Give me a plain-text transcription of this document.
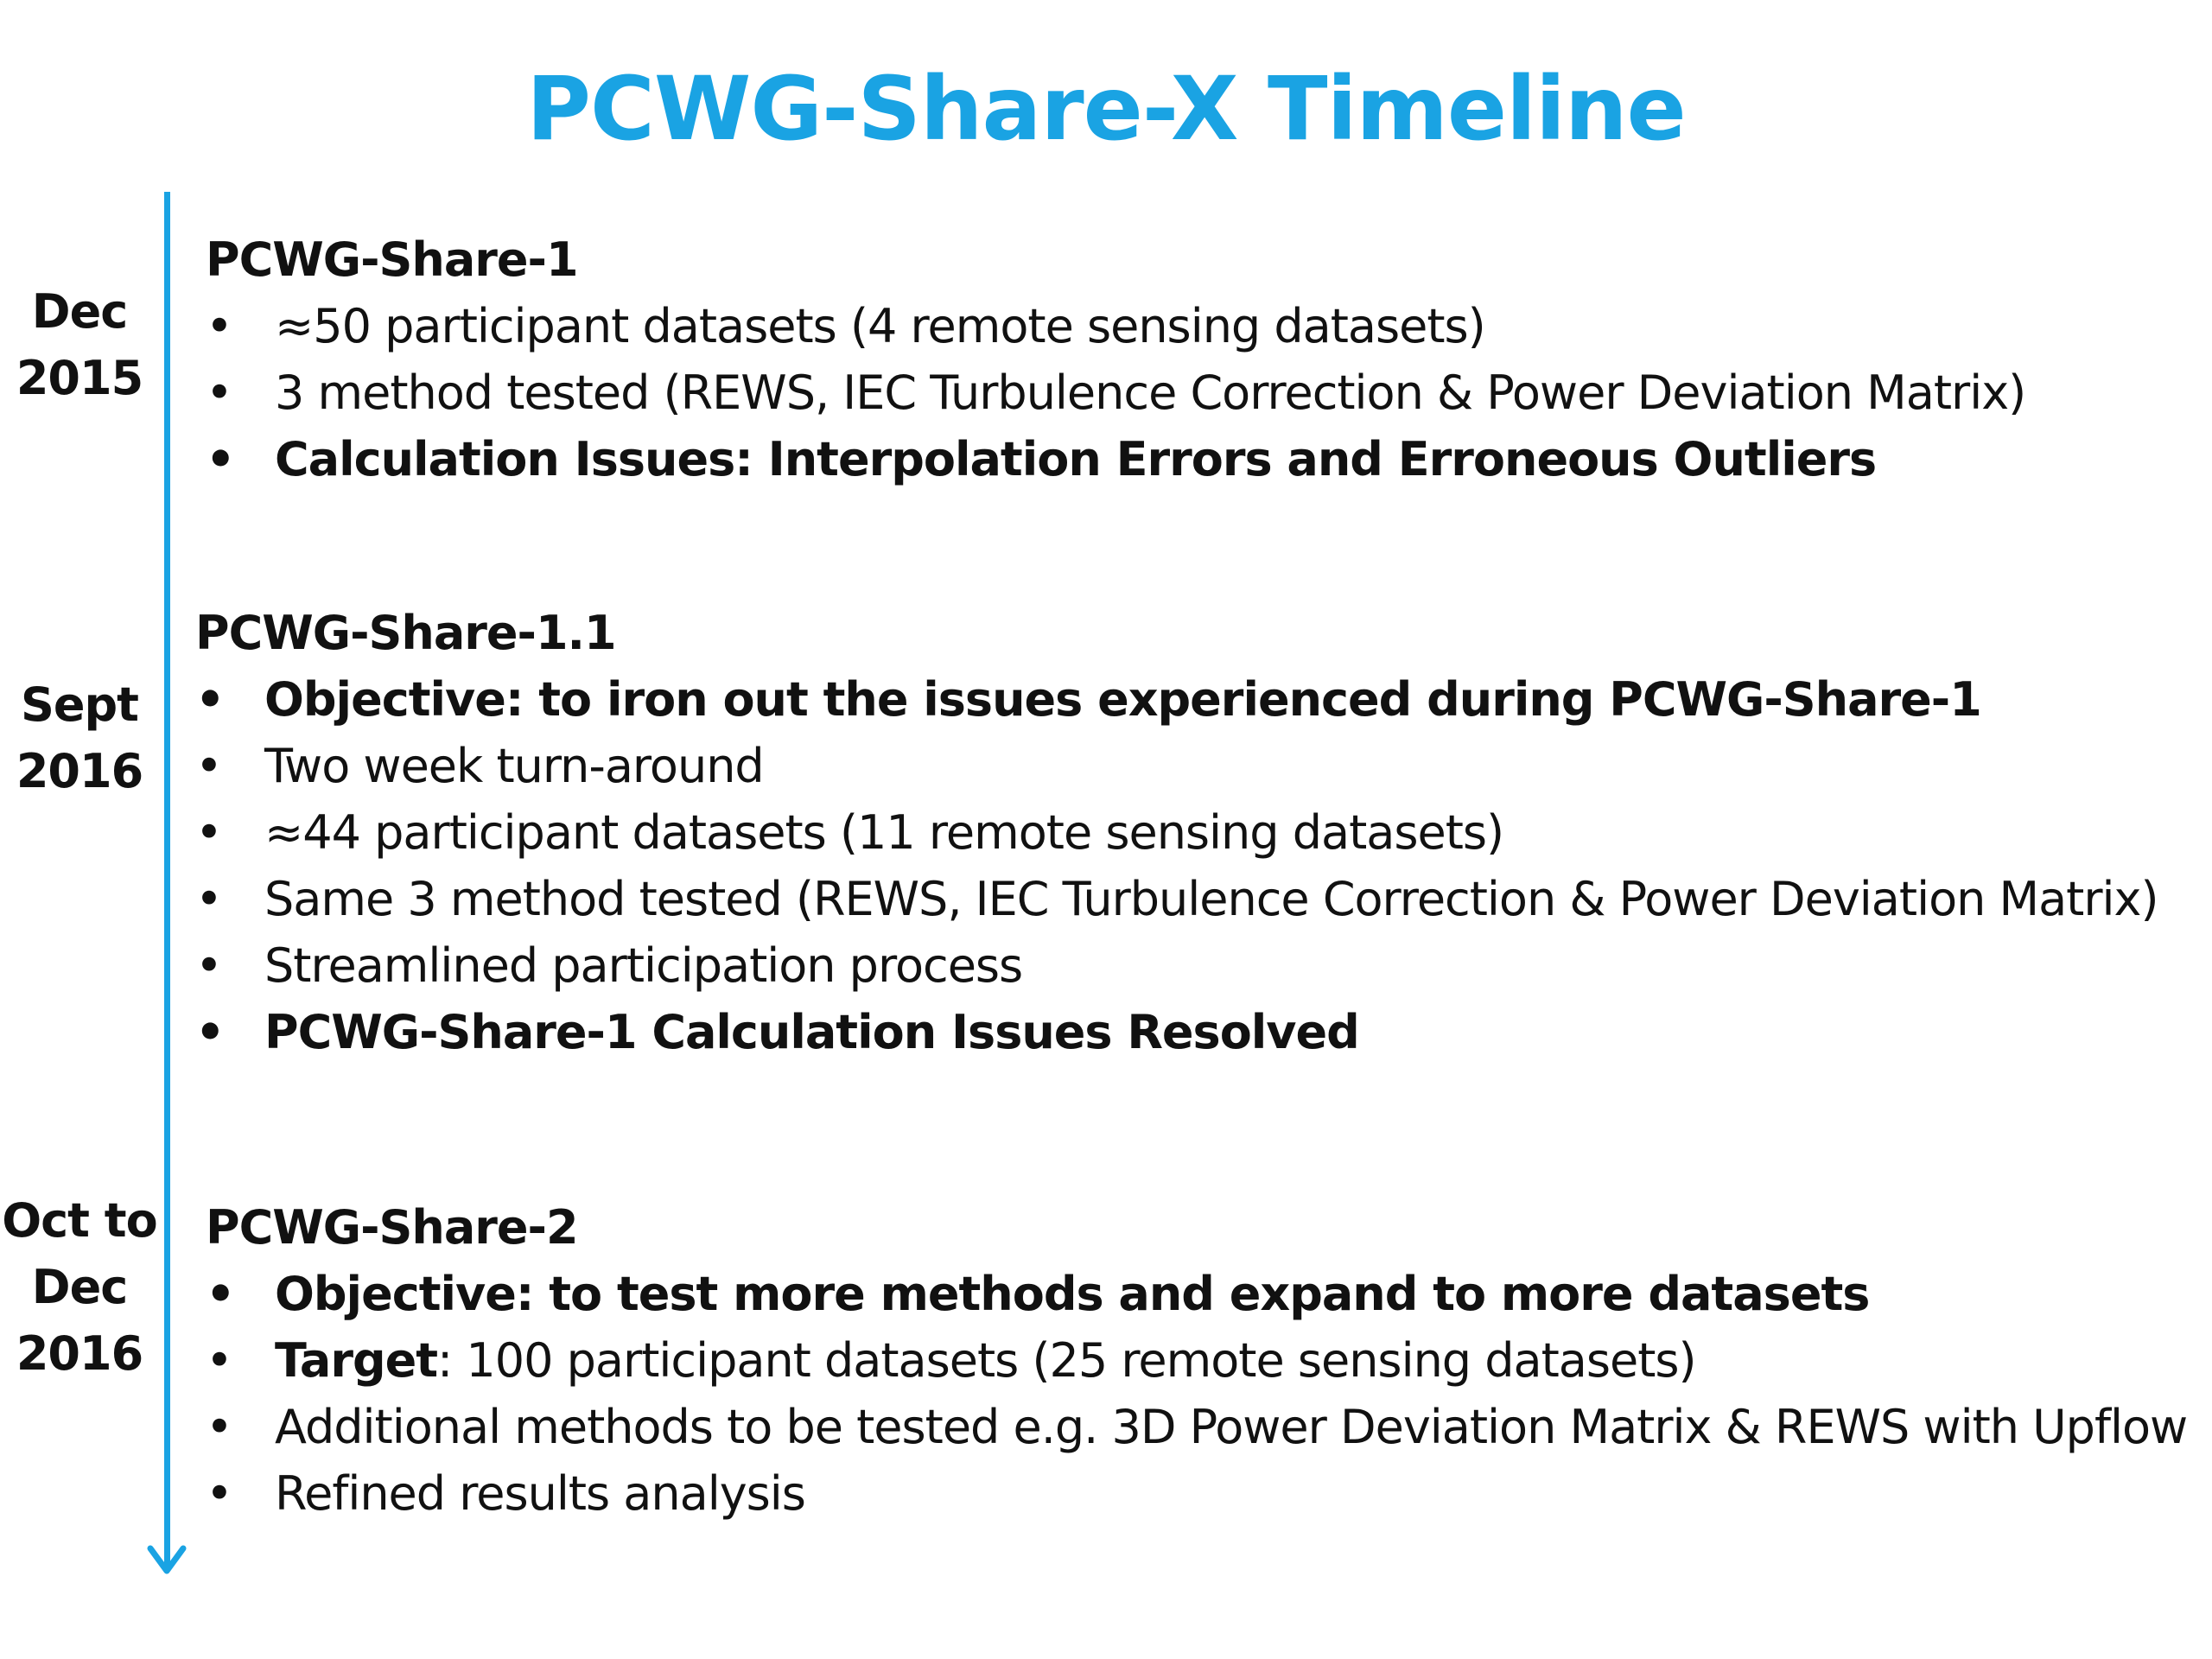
PCWG-Share-X Timeline
Dec
2015
PCWG-Share-1
• ≈50 participant datasets (4 remote sensing datasets)
• 3 method tested (REWS, IEC Turbulence Correction & Power Deviation Matrix)
• Calculation Issues: Interpolation Errors and Erroneous Outliers
Sept
2016
PCWG-Share-1.1
• Objective: to iron out the issues experienced during PCWG-Share-1
• Two week turn-around
• ≈44 participant datasets (11 remote sensing datasets)
• Same 3 method tested (REWS, IEC Turbulence Correction & Power Deviation Matrix)
• Streamlined participation process
• PCWG-Share-1 Calculation Issues Resolved
Oct to
Dec
2016
PCWG-Share-2
• Objective: to test more methods and expand to more datasets
• Target: 100 participant datasets (25 remote sensing datasets)
• Additional methods to be tested e.g. 3D Power Deviation Matrix & REWS with Upflow
• Refined results analysis
